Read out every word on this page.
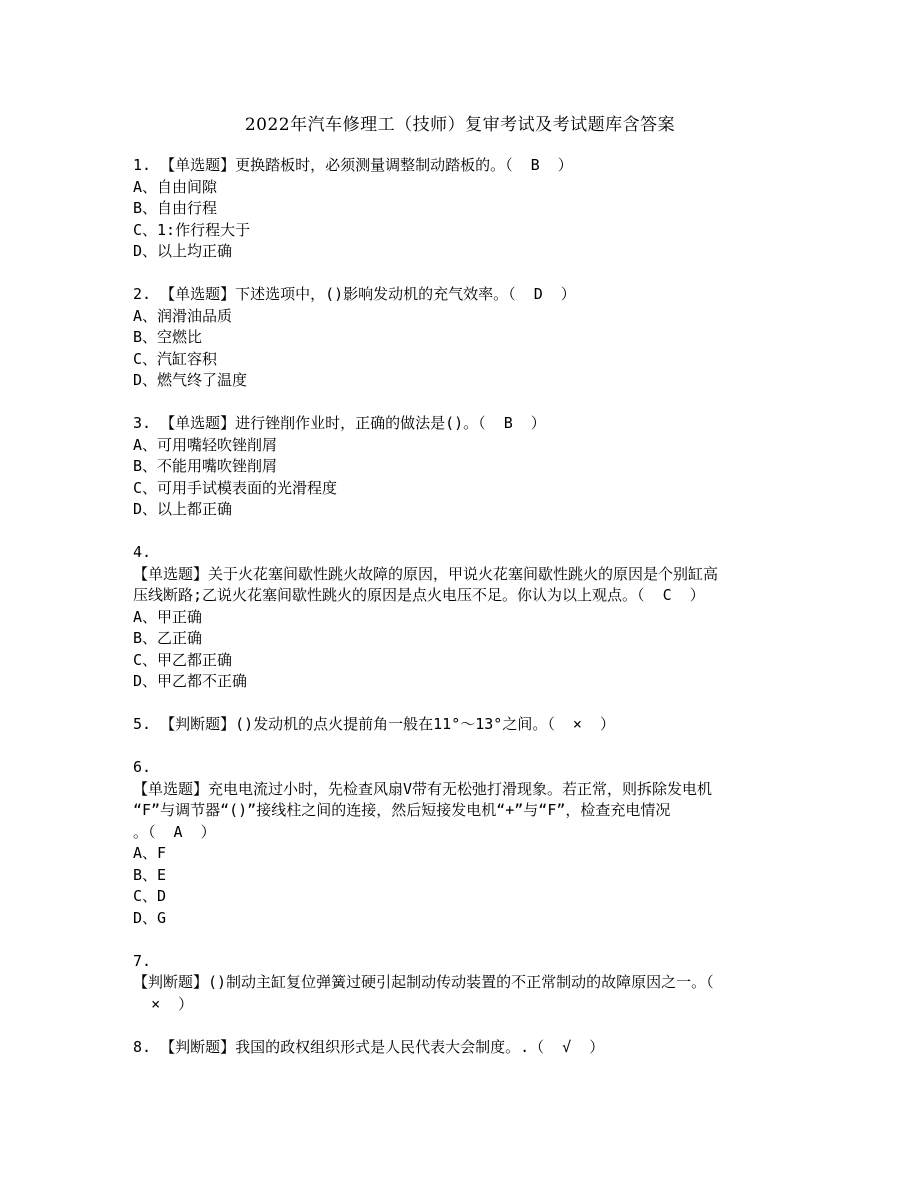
2022年汽车修理工（技师）复审考试及考试题库含答案
1. 【单选题】更换踏板时，必须测量调整制动踏板的。（  B  ）
A、自由间隙
B、自由行程
C、1:作行程大于
D、以上均正确
2. 【单选题】下述选项中，()影响发动机的充气效率。（  D  ）
A、润滑油品质
B、空燃比
C、汽缸容积
D、燃气终了温度
3. 【单选题】进行锉削作业时，正确的做法是()。（  B  ）
A、可用嘴轻吹锉削屑
B、不能用嘴吹锉削屑
C、可用手试模表面的光滑程度
D、以上都正确
4.
【单选题】关于火花塞间歇性跳火故障的原因，甲说火花塞间歇性跳火的原因是个别缸高
压线断路;乙说火花塞间歇性跳火的原因是点火电压不足。你认为以上观点。（  C  ）
A、甲正确
B、乙正确
C、甲乙都正确
D、甲乙都不正确
5. 【判断题】()发动机的点火提前角一般在11°～13°之间。（  ×  ）
6.
【单选题】充电电流过小时，先检查风扇V带有无松弛打滑现象。若正常，则拆除发电机
“F”与调节器“()”接线柱之间的连接，然后短接发电机“+”与“F”，检查充电情况
。（  A  ）
A、F
B、E
C、D
D、G
7.
【判断题】()制动主缸复位弹簧过硬引起制动传动装置的不正常制动的故障原因之一。（
×  ）
8. 【判断题】我国的政权组织形式是人民代表大会制度。.（  √  ）
